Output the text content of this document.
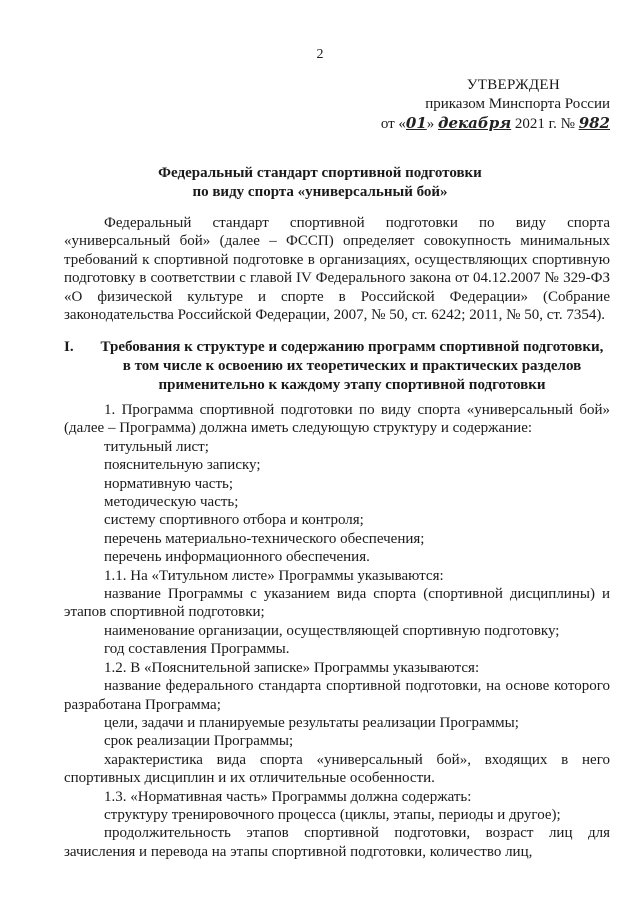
2
УТВЕРЖДЕН
приказом Минспорта России
от «01» декабря 2021 г. № 982
Федеральный стандарт спортивной подготовки
по виду спорта «универсальный бой»
Федеральный стандарт спортивной подготовки по виду спорта «универсальный бой» (далее – ФССП) определяет совокупность минимальных требований к спортивной подготовке в организациях, осуществляющих спортивную подготовку в соответствии с главой IV Федерального закона от 04.12.2007 № 329-ФЗ «О физической культуре и спорте в Российской Федерации» (Собрание законодательства Российской Федерации, 2007, № 50, ст. 6242; 2011, № 50, ст. 7354).
I.	Требования к структуре и содержанию программ спортивной подготовки,
в том числе к освоению их теоретических и практических разделов
применительно к каждому этапу спортивной подготовки

1. Программа спортивной подготовки по виду спорта «универсальный бой» (далее – Программа) должна иметь следующую структуру и содержание:

титульный лист;
пояснительную записку;
нормативную часть;
методическую часть;
систему спортивного отбора и контроля;
перечень материально-технического обеспечения;
перечень информационного обеспечения.

1.1. На «Титульном листе» Программы указываются:

название Программы с указанием вида спорта (спортивной дисциплины) и этапов спортивной подготовки;

наименование организации, осуществляющей спортивную подготовку;

год составления Программы.

1.2. В «Пояснительной записке» Программы указываются:

название федерального стандарта спортивной подготовки, на основе которого разработана Программа;

цели, задачи и планируемые результаты реализации Программы;

срок реализации Программы;

характеристика вида спорта «универсальный бой», входящих в него спортивных дисциплин и их отличительные особенности.

1.3. «Нормативная часть» Программы должна содержать:

структуру тренировочного процесса (циклы, этапы, периоды и другое);

продолжительность этапов спортивной подготовки, возраст лиц для зачисления и перевода на этапы спортивной подготовки, количество лиц,
